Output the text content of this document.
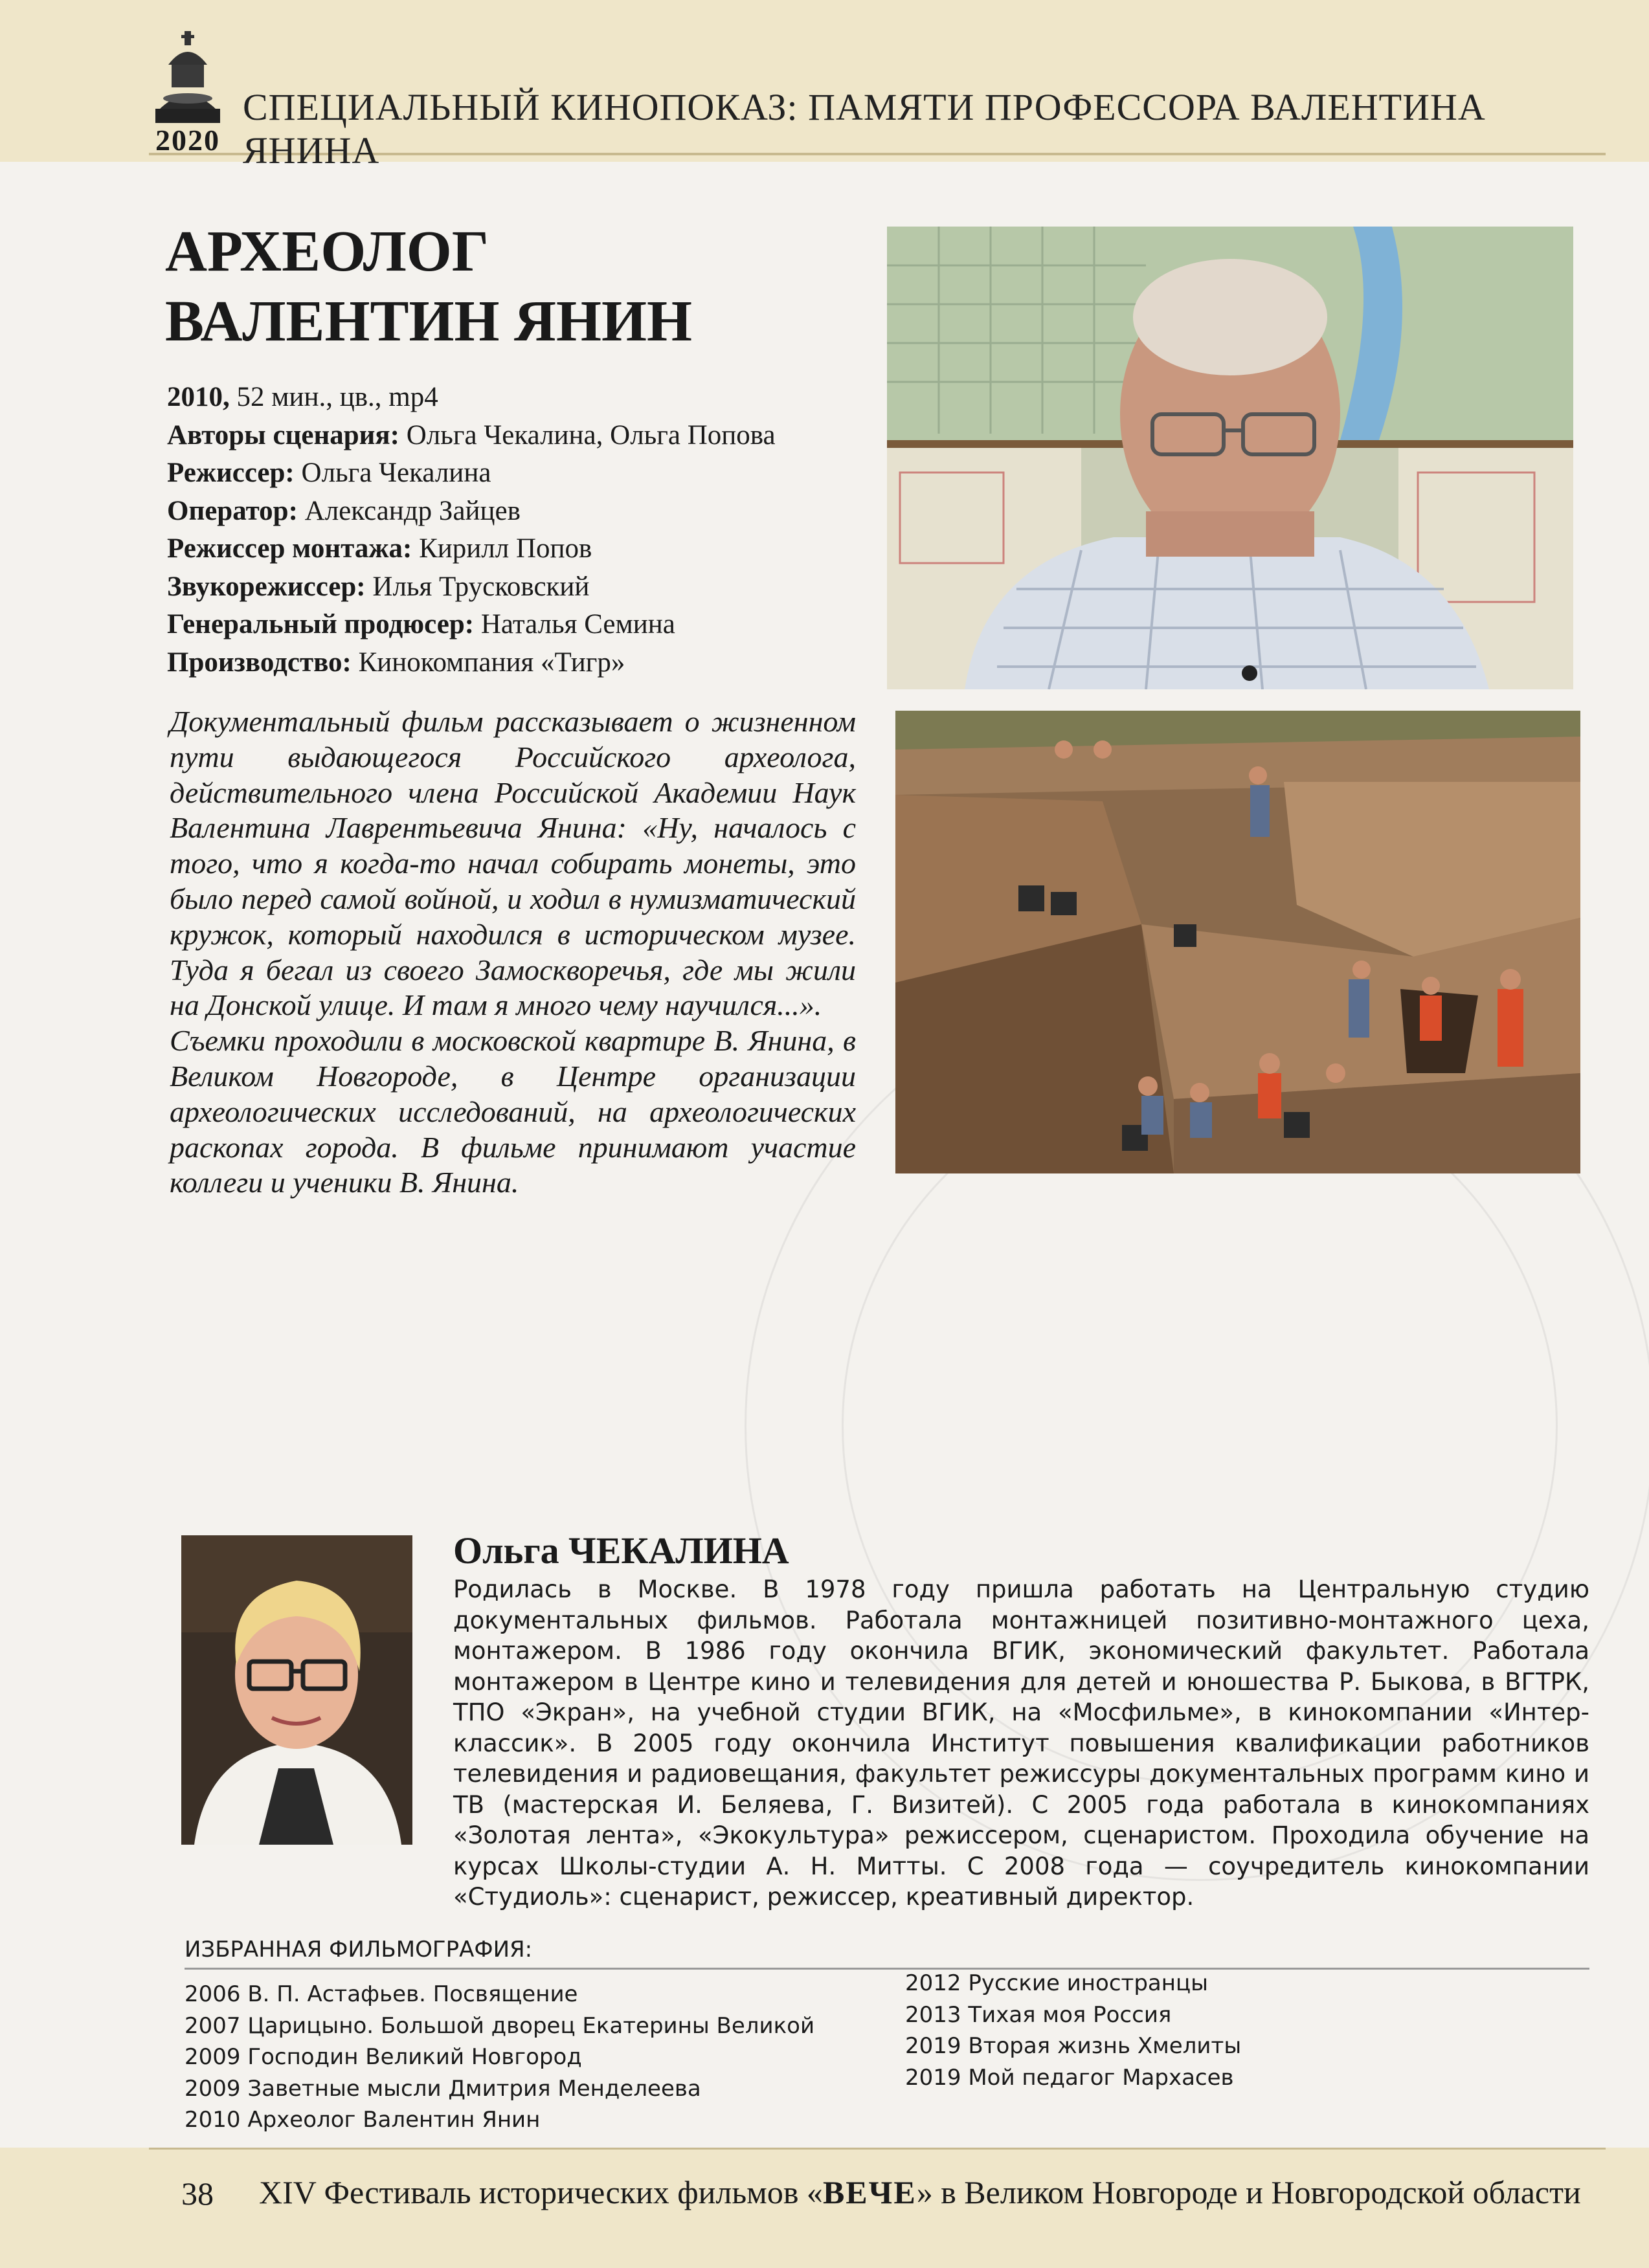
2020
СПЕЦИАЛЬНЫЙ КИНОПОКАЗ: ПАМЯТИ ПРОФЕССОРА ВАЛЕНТИНА ЯНИНА
АРХЕОЛОГ
ВАЛЕНТИН ЯНИН
2010, 52 мин., цв., mp4
Авторы сценария: Ольга Чекалина, Ольга Попова
Режиссер: Ольга Чекалина
Оператор: Александр Зайцев
Режиссер монтажа: Кирилл Попов
Звукорежиссер: Илья Трусковский
Генеральный продюсер: Наталья Семина
Производство: Кинокомпания «Тигр»

Документальный фильм рассказывает о жизненном пути выдающегося Российского археолога, действительного члена Российской Академии Наук Валентина Лаврентьевича Янина: «Ну, началось с того, что я когда-то начал собирать монеты, это было перед самой войной, и ходил в нумизматический кружок, который находился в историческом музее. Туда я бегал из своего Замоскворечья, где мы жили на Донской улице. И там я много чему научился...».

Съемки проходили в московской квартире В. Янина, в Великом Новгороде, в Центре организации археологических исследований, на археологических раскопах города. В фильме принимают участие коллеги и ученики В. Янина.

Ольга ЧЕКАЛИНА
Родилась в Москве. В 1978 году пришла работать на Центральную студию документальных фильмов. Работала монтажницей позитивно-монтажного цеха, монтажером. В 1986 году окончила ВГИК, экономический факультет. Работала монтажером в Центре кино и телевидения для детей и юношества Р. Быкова, в ВГТРК, ТПО «Экран», на учебной студии ВГИК, на «Мосфильме», в кинокомпании «Интер-классик». В 2005 году окончила Институт повышения квалификации работников телевидения и радиовещания, факультет режиссуры документальных программ кино и ТВ (мастерская И. Беляева, Г. Визитей). С 2005 года работала в кинокомпаниях «Золотая лента», «Экокультура» режиссером, сценаристом. Проходила обучение на курсах Школы-студии А. Н. Митты. С 2008 года — соучредитель кинокомпании «Студиоль»: сценарист, режиссер, креативный директор.
ИЗБРАННАЯ ФИЛЬМОГРАФИЯ:
2006 В. П. Астафьев. Посвящение
2007 Царицыно. Большой дворец Екатерины Великой
2009 Господин Великий Новгород
2009 Заветные мысли Дмитрия Менделеева
2010 Археолог Валентин Янин
2012 Русские иностранцы
2013 Тихая моя Россия
2019 Вторая жизнь Хмелиты
2019 Мой педагог Мархасев
38 XIV Фестиваль исторических фильмов «ВЕЧЕ» в Великом Новгороде и Новгородской области
